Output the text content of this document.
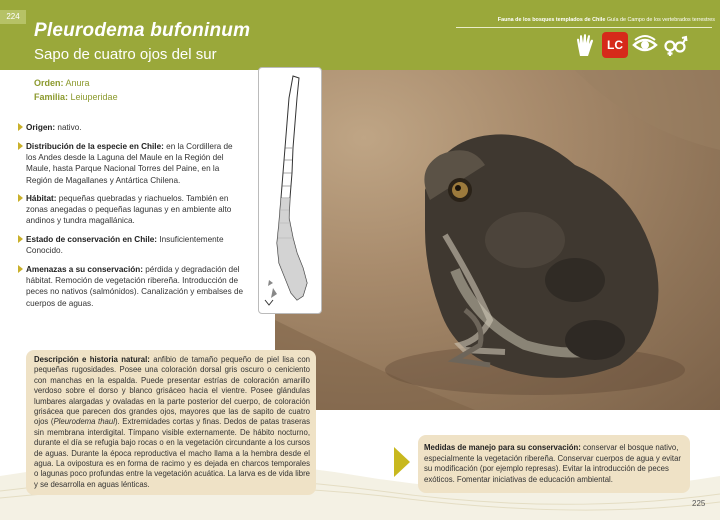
224
Pleurodema bufoninum
Sapo de cuatro ojos del sur
Fauna de los bosques templados de Chile Guía de Campo de los vertebrados terrestres
LC
Orden: Anura
Familia: Leiuperidae
Origen: nativo.
Distribución de la especie en Chile: en la Cordillera de los Andes desde la Laguna del Maule en la Región del Maule, hasta Parque Nacional Torres del Paine, en la Región de Magallanes y Antártica Chilena.
Hábitat: pequeñas quebradas y riachuelos. También en zonas anegadas o pequeñas lagunas y en ambiente alto andinos y tundra magallánica.
Estado de conservación en Chile: Insuficientemente Conocido.
Amenazas a su conservación: pérdida y degradación del hábitat. Remoción de vegetación ribereña. Introducción de peces no nativos (salmónidos). Canalización y embalses de cuerpos de aguas.
Descripción e historia natural: anfibio de tamaño pequeño de piel lisa con pequeñas rugosidades. Posee una coloración dorsal gris oscuro o ceniciento con manchas en la espalda. Puede presentar estrías de coloración amarillo verdoso sobre el dorso y blanco grisáceo hacia el vientre. Posee glándulas lumbares alargadas y ovaladas en la parte posterior del cuerpo, de coloración grisácea que parecen dos grandes ojos, mayores que las de sapito de cuatro ojos (Pleurodema thaul). Extremidades cortas y finas. Dedos de patas traseras sin membrana interdigital. Tímpano visible externamente. De hábito nocturno, durante el día se refugia bajo rocas o en la vegetación circundante a los cursos de aguas. Durante la época reproductiva el macho llama a la hembra desde el agua. La ovipostura es en forma de racimo y es dejada en charcos temporales o lagunas poco profundas entre la vegetación acuática. La larva es de vida libre y se desarrolla en aguas lénticas.
Medidas de manejo para su conservación: conservar el bosque nativo, especialmente la vegetación ribereña. Conservar cuerpos de agua y evitar su modificación (por ejemplo represas). Evitar la introducción de peces exóticos. Fomentar iniciativas de educación ambiental.
225
